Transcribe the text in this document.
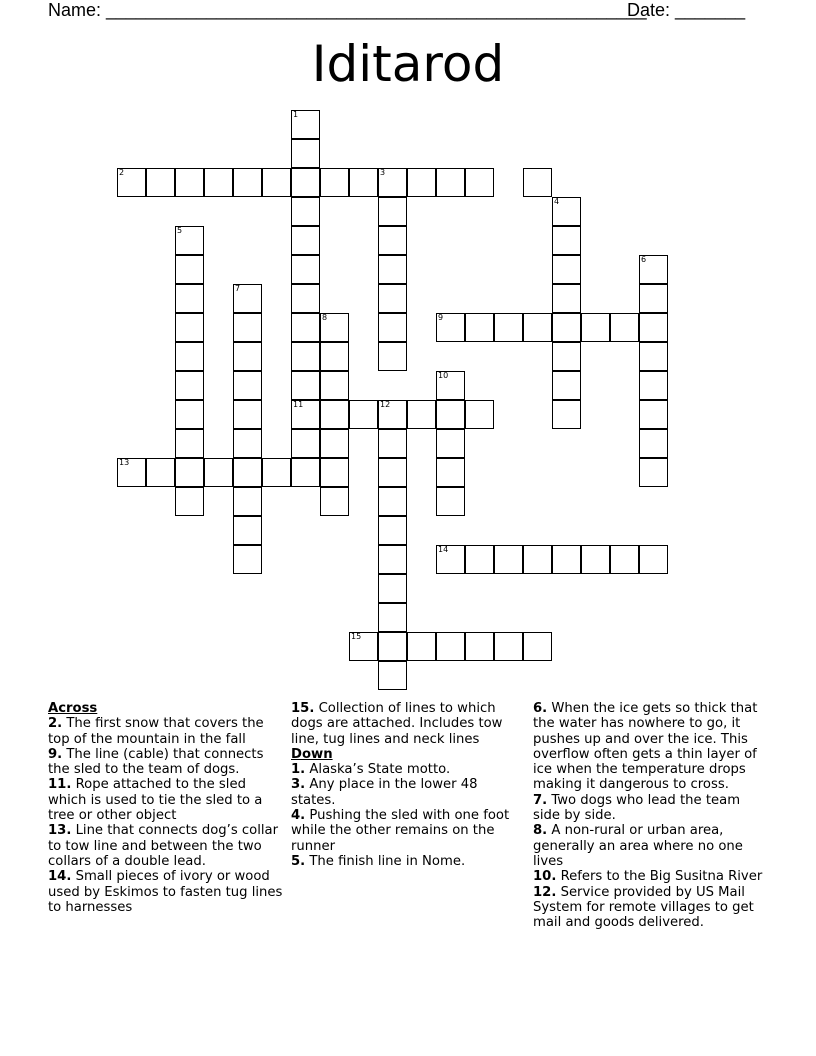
Name: ______________________________________________________
Date: _______
Iditarod
1
2	3
4
5
6
7
8	9
10
11	12
13
14
15
Across
2. The first snow that covers the top of the mountain in the fall
9. The line (cable) that connects the sled to the team of dogs.
11. Rope attached to the sled which is used to tie the sled to a tree or other object
13. Line that connects dog’s collar to tow line and between the two collars of a double lead.
14. Small pieces of ivory or wood used by Eskimos to fasten tug lines to harnesses
15. Collection of lines to which dogs are attached. Includes tow line, tug lines and neck lines
Down
1. Alaska’s State motto.
3. Any place in the lower 48 states.
4. Pushing the sled with one foot while the other remains on the runner
5. The finish line in Nome.
6. When the ice gets so thick that the water has nowhere to go, it pushes up and over the ice. This overflow often gets a thin layer of ice when the temperature drops making it dangerous to cross.
7. Two dogs who lead the team side by side.
8. A non-rural or urban area, generally an area where no one lives
10. Refers to the Big Susitna River
12. Service provided by US Mail System for remote villages to get mail and goods delivered.
